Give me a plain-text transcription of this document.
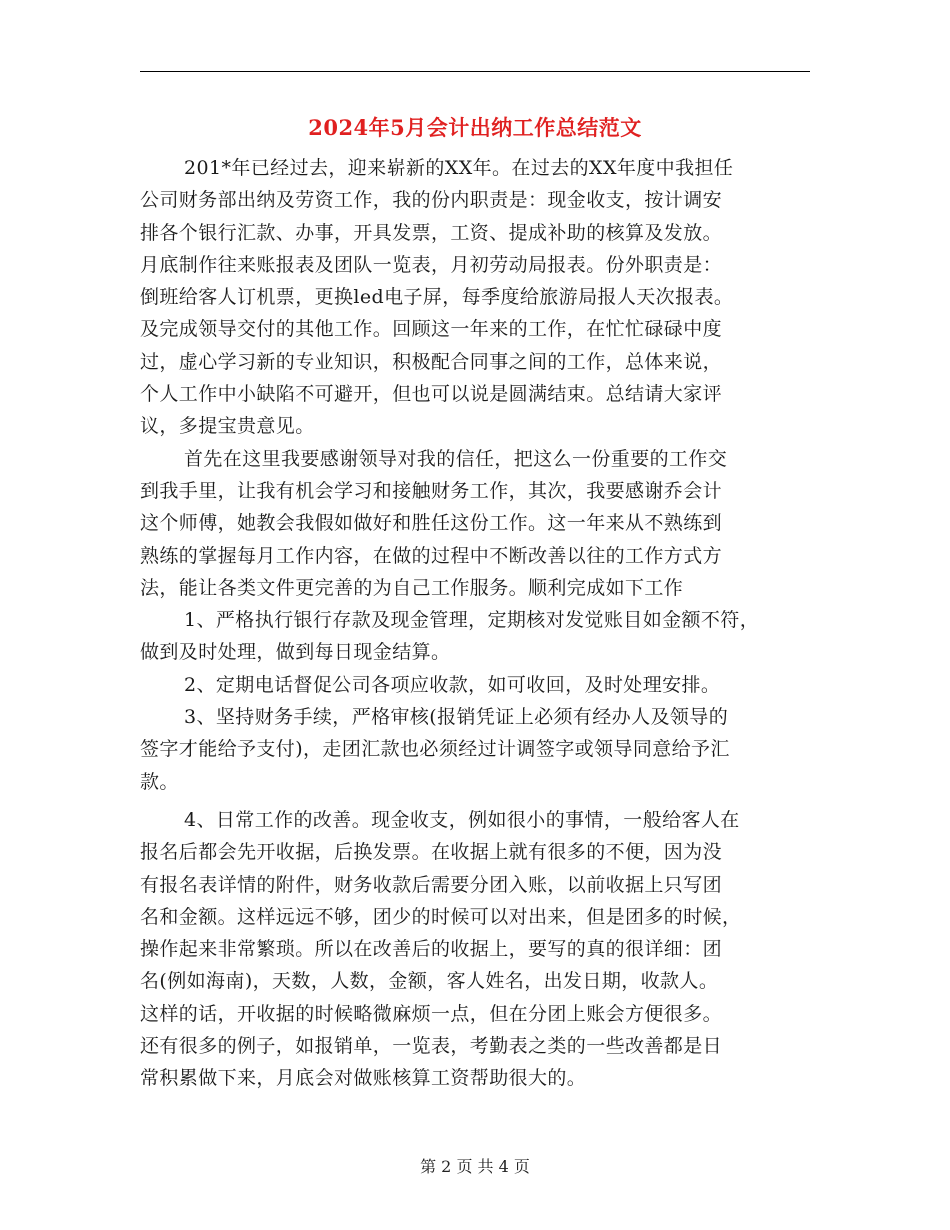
2024年5月会计出纳工作总结范文
201*年已经过去，迎来崭新的XX年。在过去的XX年度中我担任
公司财务部出纳及劳资工作，我的份内职责是：现金收支，按计调安
排各个银行汇款、办事，开具发票，工资、提成补助的核算及发放。
月底制作往来账报表及团队一览表，月初劳动局报表。份外职责是：
倒班给客人订机票，更换led电子屏，每季度给旅游局报人天次报表。
及完成领导交付的其他工作。回顾这一年来的工作，在忙忙碌碌中度
过，虚心学习新的专业知识，积极配合同事之间的工作，总体来说，
个人工作中小缺陷不可避开，但也可以说是圆满结束。总结请大家评
议，多提宝贵意见。
首先在这里我要感谢领导对我的信任，把这么一份重要的工作交
到我手里，让我有机会学习和接触财务工作，其次，我要感谢乔会计
这个师傅，她教会我假如做好和胜任这份工作。这一年来从不熟练到
熟练的掌握每月工作内容，在做的过程中不断改善以往的工作方式方
法，能让各类文件更完善的为自己工作服务。顺利完成如下工作
1、严格执行银行存款及现金管理，定期核对发觉账目如金额不符，
做到及时处理，做到每日现金结算。
2、定期电话督促公司各项应收款，如可收回，及时处理安排。
3、坚持财务手续，严格审核(报销凭证上必须有经办人及领导的
签字才能给予支付)，走团汇款也必须经过计调签字或领导同意给予汇
款。
4、日常工作的改善。现金收支，例如很小的事情，一般给客人在
报名后都会先开收据，后换发票。在收据上就有很多的不便，因为没
有报名表详情的附件，财务收款后需要分团入账，以前收据上只写团
名和金额。这样远远不够，团少的时候可以对出来，但是团多的时候，
操作起来非常繁琐。所以在改善后的收据上，要写的真的很详细：团
名(例如海南)，天数，人数，金额，客人姓名，出发日期，收款人。
这样的话，开收据的时候略微麻烦一点，但在分团上账会方便很多。
还有很多的例子，如报销单，一览表，考勤表之类的一些改善都是日
常积累做下来，月底会对做账核算工资帮助很大的。
第 2 页 共 4 页
